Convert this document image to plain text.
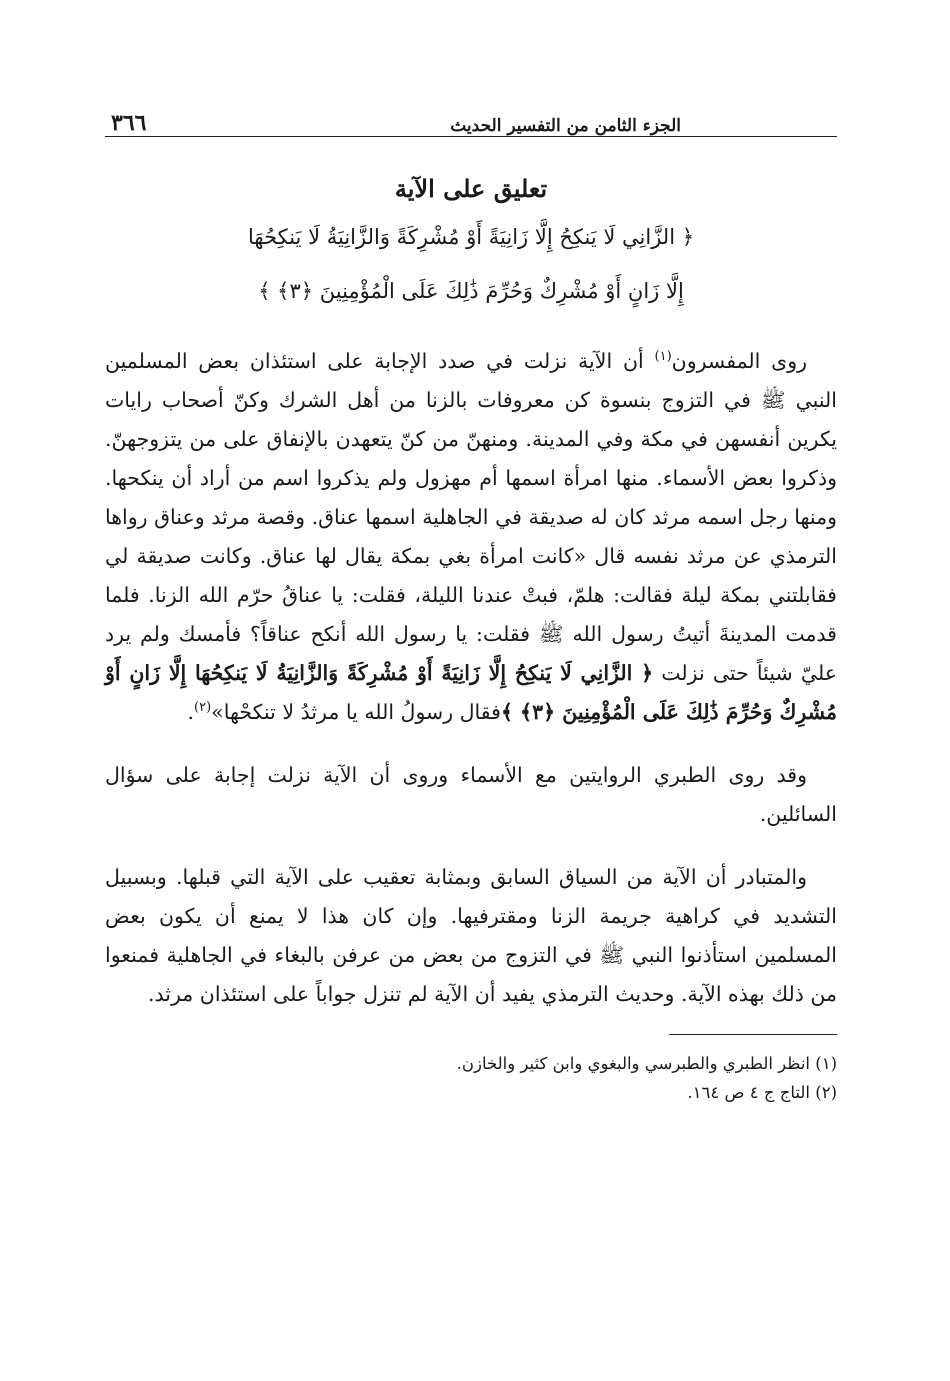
الجزء الثامن من التفسير الحديث
٣٦٦
تعليق على الآية
﴿ الزَّانِي لَا يَنكِحُ إِلَّا زَانِيَةً أَوْ مُشْرِكَةً وَالزَّانِيَةُ لَا يَنكِحُهَا
إِلَّا زَانٍ أَوْ مُشْرِكٌ وَحُرِّمَ ذَٰلِكَ عَلَى الْمُؤْمِنِينَ ﴿٣﴾ ﴾

روى المفسرون$^{(١)}$ أن الآية نزلت في صدد الإجابة على استئذان بعض المسلمين النبي ﷺ في التزوج بنسوة كن معروفات بالزنا من أهل الشرك وكنّ أصحاب رايات يكرين أنفسهن في مكة وفي المدينة. ومنهنّ من كنّ يتعهدن بالإنفاق على من يتزوجهنّ. وذكروا بعض الأسماء. منها امرأة اسمها أم مهزول ولم يذكروا اسم من أراد أن ينكحها. ومنها رجل اسمه مرثد كان له صديقة في الجاهلية اسمها عناق. وقصة مرثد وعناق رواها الترمذي عن مرثد نفسه قال «كانت امرأة بغي بمكة يقال لها عناق. وكانت صديقة لي فقابلتني بمكة ليلة فقالت: هلمّ، فبتْ عندنا الليلة، فقلت: يا عناقُ حرّم الله الزنا. فلما قدمت المدينةَ أتيتُ رسول الله ﷺ فقلت: يا رسول الله أنكح عناقاً؟ فأمسك ولم يرد عليّ شيئاً حتى نزلت ﴿ الزَّانِي لَا يَنكِحُ إِلَّا زَانِيَةً أَوْ مُشْرِكَةً وَالزَّانِيَةُ لَا يَنكِحُهَا إِلَّا زَانٍ أَوْ مُشْرِكٌ وَحُرِّمَ ذَٰلِكَ عَلَى الْمُؤْمِنِينَ ﴿٣﴾ ﴾فقال رسولُ الله يا مرثدُ لا تنكحْها»$^{(٢)}$.

وقد روى الطبري الروايتين مع الأسماء وروى أن الآية نزلت إجابة على سؤال السائلين.

والمتبادر أن الآية من السياق السابق وبمثابة تعقيب على الآية التي قبلها. وبسبيل التشديد في كراهية جريمة الزنا ومقترفيها. وإن كان هذا لا يمنع أن يكون بعض المسلمين استأذنوا النبي ﷺ في التزوج من بعض من عرفن بالبغاء في الجاهلية فمنعوا من ذلك بهذه الآية. وحديث الترمذي يفيد أن الآية لم تنزل جواباً على استئذان مرثد.

(١) انظر الطبري والطبرسي والبغوي وابن كثير والخازن.
(٢) التاج ج ٤ ص ١٦٤.
